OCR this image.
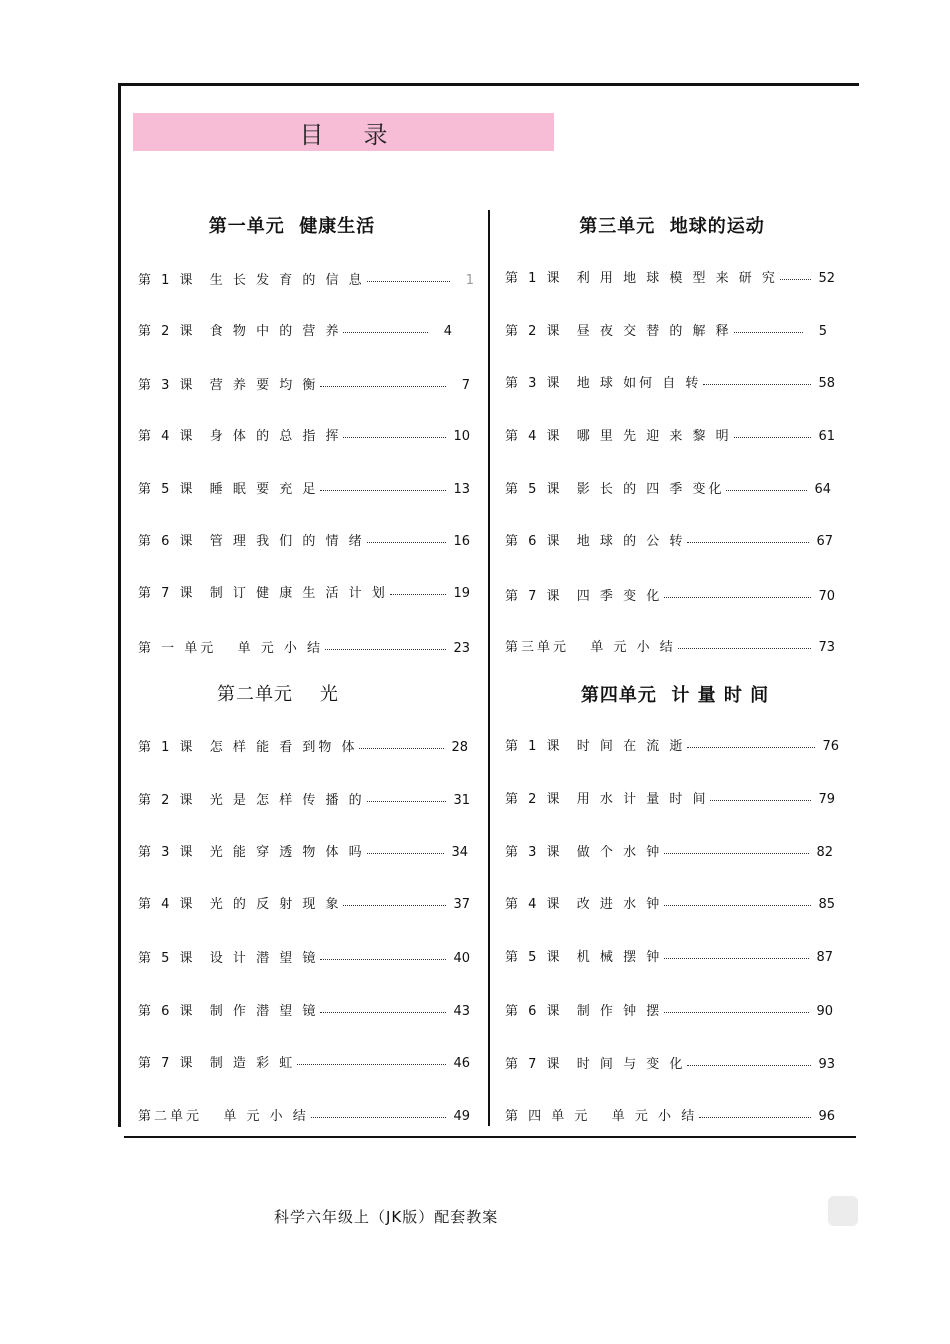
目录
第一单元  健康生活
第 1 课  生 长 发 育 的 信 息	1
第 2 课  食 物 中 的 营 养	4
第 3 课  营 养 要 均 衡	7
第 4 课  身 体 的 总 指 挥	10
第 5 课  睡 眠 要 充 足	13
第 6 课  管 理 我 们 的 情 绪	16
第 7 课  制 订 健 康 生 活 计 划	19
第 一 单元   单 元 小 结	23
第二单元    光
第 1 课  怎 样 能 看 到物 体	28
第 2 课  光 是 怎 样 传 播 的	31
第 3 课  光 能 穿 透 物 体 吗	34
第 4 课  光 的 反 射 现 象	37
第 5 课  设 计 潜 望 镜	40
第 6 课  制 作 潜 望 镜	43
第 7 课  制 造 彩 虹	46
第二单元   单 元 小 结	49
第三单元  地球的运动
第 1 课  利 用 地 球 模 型 来 研 究	52
第 2 课  昼 夜 交 替 的 解 释	5
第 3 课  地 球 如何 自 转	58
第 4 课  哪 里 先 迎 来 黎 明	61
第 5 课  影 长 的 四 季 变化	64
第 6 课  地 球 的 公 转	67
第 7 课  四 季 变 化	70
第三单元   单 元 小 结	73
第四单元  计 量 时 间
第 1 课  时 间 在 流 逝	76
第 2 课  用 水 计 量 时 间	79
第 3 课  做 个 水 钟	82
第 4 课  改 进 水 钟	85
第 5 课  机 械 摆 钟	87
第 6 课  制 作 钟 摆	90
第 7 课  时 间 与 变 化	93
第 四 单 元   单 元 小 结	96
科学六年级上（JK版）配套教案
